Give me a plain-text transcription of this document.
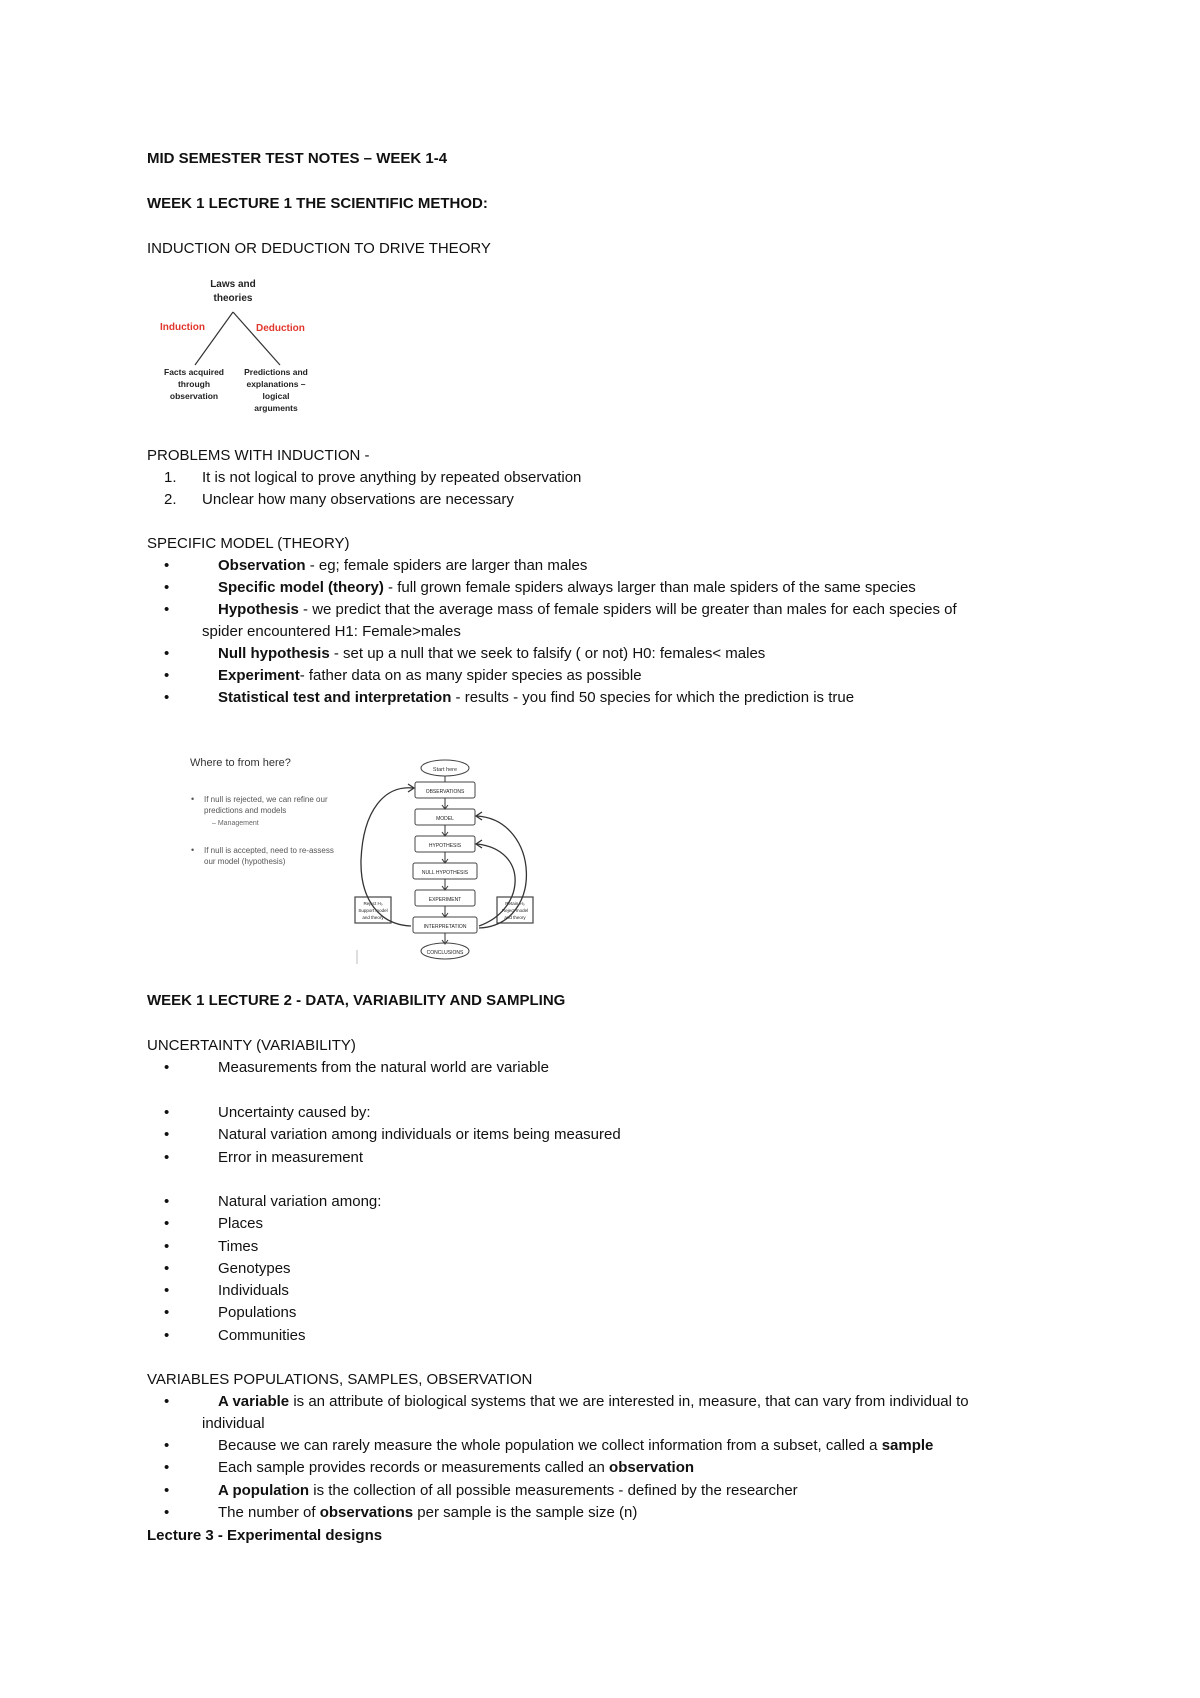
MID SEMESTER TEST NOTES – WEEK 1-4
WEEK 1 LECTURE 1 THE SCIENTIFIC METHOD:
INDUCTION OR DEDUCTION TO DRIVE THEORY
Laws and
theories
Induction	Deduction
Facts acquired
through
observation
Predictions and
explanations –
logical
arguments
PROBLEMS WITH INDUCTION -
1. It is not logical to prove anything by repeated observation
2. Unclear how many observations are necessary
SPECIFIC MODEL (THEORY)
•	Observation - eg; female spiders are larger than males
•	Specific model (theory) - full grown female spiders always larger than male spiders of the same species
•	Hypothesis - we predict that the average mass of female spiders will be greater than males for each species of
spider encountered H1: Female>males
•	Null hypothesis - set up a null that we seek to falsify ( or not) H0: females< males
•	Experiment- father data on as many spider species as possible
•	Statistical test and interpretation - results - you find 50 species for which the prediction is true
Where to from here?
• If null is rejected, we can refine our
predictions and models
– Management
• If null is accepted, need to re-assess
our model (hypothesis)
Start here
OBSERVATIONS
MODEL
HYPOTHESIS
NULL HYPOTHESIS
EXPERIMENT
INTERPRETATION
CONCLUSIONS
Reject H₀
Support model
and theory
Retain H₀
Reject model
and theory
WEEK 1 LECTURE 2 - DATA, VARIABILITY AND SAMPLING
UNCERTAINTY (VARIABILITY)
•	Measurements from the natural world are variable
•	Uncertainty caused by:
•	Natural variation among individuals or items being measured
•	Error in measurement
•	Natural variation among:
•	Places
•	Times
•	Genotypes
•	Individuals
•	Populations
•	Communities
VARIABLES POPULATIONS, SAMPLES, OBSERVATION
•	A variable is an attribute of biological systems that we are interested in, measure, that can vary from individual to
individual
•	Because we can rarely measure the whole population we collect information from a subset, called a sample
•	Each sample provides records or measurements called an observation
•	A population is the collection of all possible measurements - defined by the researcher
•	The number of observations per sample is the sample size (n)
Lecture 3 - Experimental designs
